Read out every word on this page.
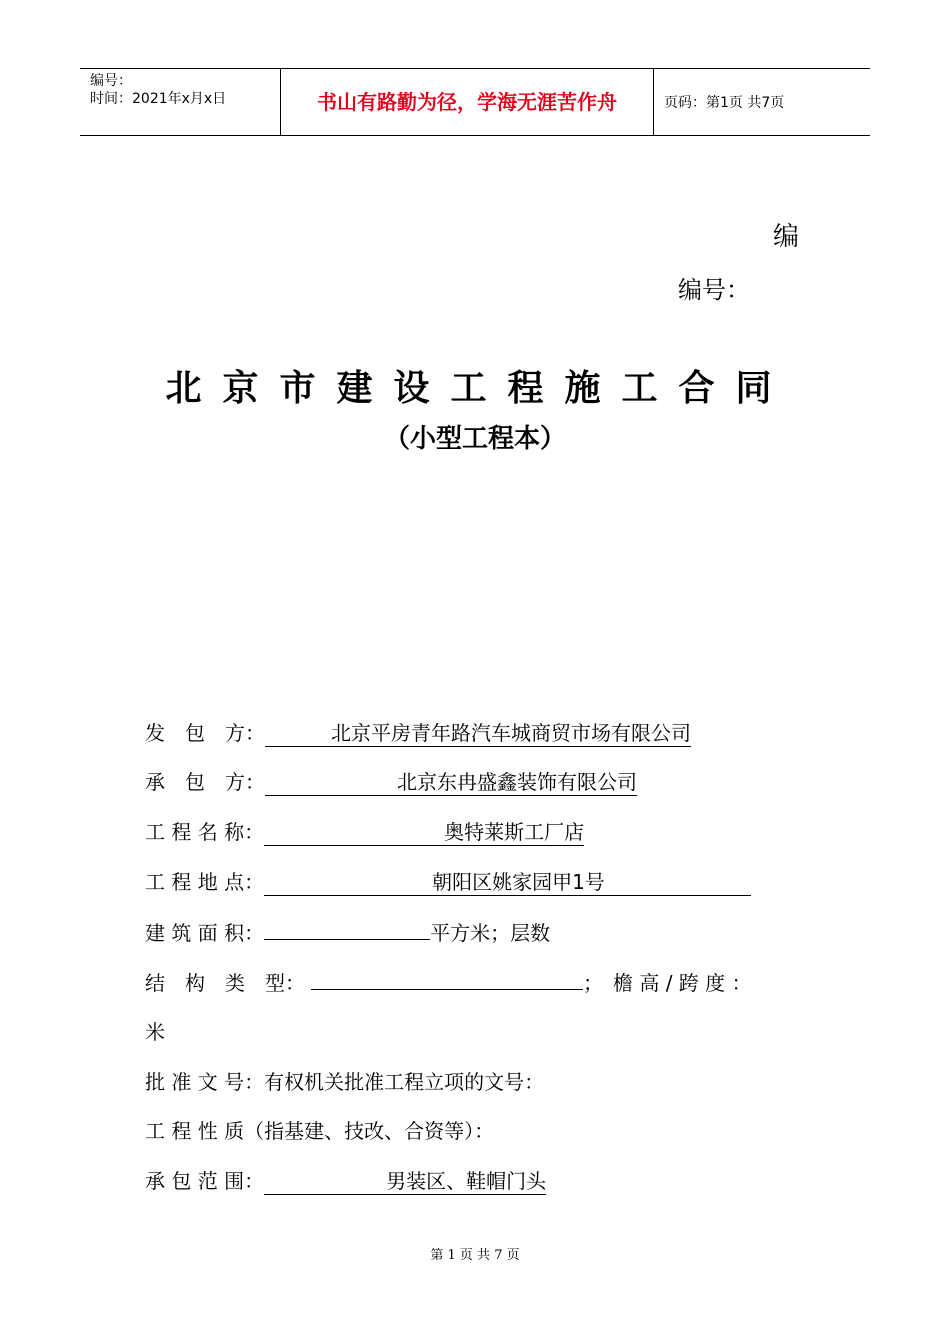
编号：
时间：2021年x月x日	书山有路勤为径，学海无涯苦作舟	页码：第1页 共7页
编
编号：
北京市建设工程施工合同
（小型工程本）
发　包　方：	北京平房青年路汽车城商贸市场有限公司
承　包　方：	北京东冉盛鑫装饰有限公司
工 程 名 称：	奥特莱斯工厂店
工 程 地 点：	朝阳区姚家园甲1号
建 筑 面 积：	平方米；层数
结　构　类　型：	；　檐 高 / 跨 度 ：
米
批 准 文 号：有权机关批准工程立项的文号：
工 程 性 质（指基建、技改、合资等）：
承 包 范 围：	男装区、鞋帽门头
第 1 页 共 7 页
